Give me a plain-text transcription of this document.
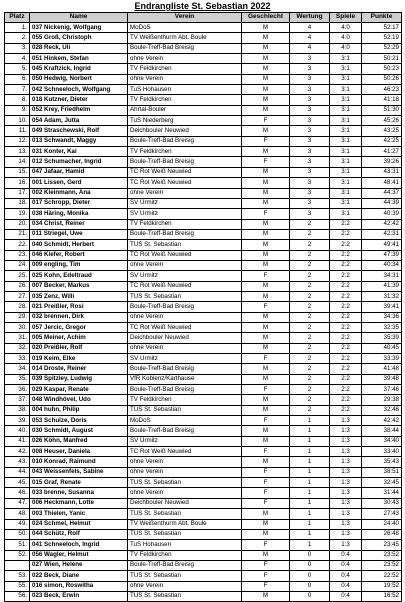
Endrangliste St. Sebastian 2022
Platz	Name	Verein	Geschlecht	Wertung	Spiele	Punkte
1.	037 Nickenig, Wolfgang	MoDoS	M	4	4:0	52:17
2.	055 Groß, Christoph	TV Weißenthurm Abt. Boule	M	4	4:0	52:19
3.	028 Reck, Uli	Boule-Treff-Bad Breisig	M	4	4:0	52:29
4.	051 Hinkem, Stefan	ohne Verein	M	3	3:1	50:21
5.	045 Kraftzick, Ingrid	TV Feldkirchen	M	3	3:1	50:23
6.	050 Hedwig, Norbert	ohne Verein	M	3	3:1	50:26
7.	042 Schneeloch, Wolfgang	TuS Hohausen	M	3	3:1	46:23
8.	018 Kutzner, Dieter	TV Feldkirchen	M	3	3:1	41:18
9.	052 Krey, Friedhelm	Ahrtal-Bouler	M	3	3:1	51:30
10.	054 Adam, Jutta	TuS Niederberg	F	3	3:1	45:26
11.	049 Straschewski, Rolf	Deichbouler Neuwied	M	3	3:1	43:25
12.	013 Schwandt, Maggy	Boule-Treff-Bad Breisig	F	3	3:1	42:25
13.	031 Konter, Kai	TV Feldkirchen	M	3	3:1	41:27
14.	012 Schumacher, Ingrid	Boule-Treff-Bad Breisig	F	3	3:1	39:26
15.	047 Jafaar, Hamid	TC Rot Weiß Neuwied	M	3	3:1	43:31
16.	001 Lissen, Gerd	TC Rot Weiß Neuwied	M	3	3:1	48:41
17.	002 Kleinmann, Ana	ohne Verein	M	3	3:1	44:37
18.	017 Schropp, Dieter	SV Urmitz	M	3	3:1	44:39
19.	038 Häring, Monika	SV Urmitz	F	3	3:1	40:39
20.	034 Christ, Reiner	TV Feldkirchen	M	2	2:2	42:42
21.	011 Striegel, Uwe	Boule-Treff-Bad Breisig	M	2	2:2	42:31
22.	040 Schmidt, Herbert	TUS St. Sebastian	M	2	2:2	49:41
23.	046 Kiefer, Robert	TC Rot Weiß Neuwied	M	2	2:2	47:39
24.	009 engling, Tim	ohne Verein	M	2	2:2	40:34
25.	025 Kohn, Edeltraud	SV Urmitz	F	2	2:2	34:31
26.	007 Becker, Markus	TC Rot Weiß Neuwied	M	2	2:2	41:39
27.	035 Zenz, Willi	TUS St. Sebastian	M	2	2:2	31:32
28.	021 Preißler, Rosi	Boule-Treff-Bad Breisig	F	2	2:2	39:41
29.	032 brennen, Dirk	ohne Verein	M	2	2:2	34:36
30.	057 Jercic, Gregor	TC Rot Weiß Neuwied	M	2	2:2	32:35
31.	005 Meiner, Achim	Deichbouler Neuwied	M	2	2:2	35:39
32.	020 Preißler, Rolf	ohne Verein	M	2	2:2	40:45
33.	019 Keim, Elke	SV Urmitz	F	2	2:2	33:39
34.	014 Droste, Reiner	Boule-Treff-Bad Breisig	M	2	2:2	41:48
35.	039 Spitzley, Ludwig	VfR Koblenz/Karthause	M	2	2:2	39:48
36.	029 Kaspar, Renate	Boule-Treff-Bad Breisig	F	2	2:2	37:46
37.	048 Windhövel, Udo	TV Feldkirchen	M	2	2:2	29:38
38.	004 huhn, Philip	TUS St. Sebastian	M	2	2:2	32:46
39.	053 Schulze, Doris	MoDoS	F	1	1:3	42:42
40.	030 Schmidt, August	Boule-Treff-Bad Breisig	M	1	1:3	38:44
41.	026 Köhn, Manfred	SV Urmitz	M	1	1:3	34:40
42.	008 Heuser, Daniela	TC Rot Weiß Neuwied	F	1	1:3	33:40
43.	010 Konrad, Raimund	ohne Verein	M	1	1:3	35:43
44.	043 Weissenfels, Sabine	ohne Verein	F	1	1:3	38:51
45.	015 Graf, Renate	TUS St. Sebastian	F	1	1:3	32:45
46.	033 brenne, Susanna	ohne Verein	F	1	1:3	31:44
47.	006 Heckmann, Lotte	Deichbouler Neuwied	F	1	1:3	30:43
48.	003 Thielen, Yanic	TUS St. Sebastian	M	1	1:3	27:43
49.	024 Schmel, Helmut	TV Weißenthurm Abt. Boule	M	1	1:3	24:40
50.	044 Schütz, Rolf	TUS St. Sebastian	M	1	1:3	26:48
51.	041 Schneeloch, Ingrid	TuS Hohausen	F	1	1:3	23:45
52.	056 Wagler, Helmut	TV Feldkirchen	M	0	0:4	23:52
	027 Wien, Helene	Boule-Treff-Bad Breisig	F	0	0:4	23:52
53.	022 Beck, Diane	TUS St. Sebastian	F	0	0:4	22:52
55.	016 simon, Roswitha	ohne Verein	F	0	0:4	19:52
56.	023 Beck, Erwin	TUS St. Sebastian	M	0	0:4	16:52
